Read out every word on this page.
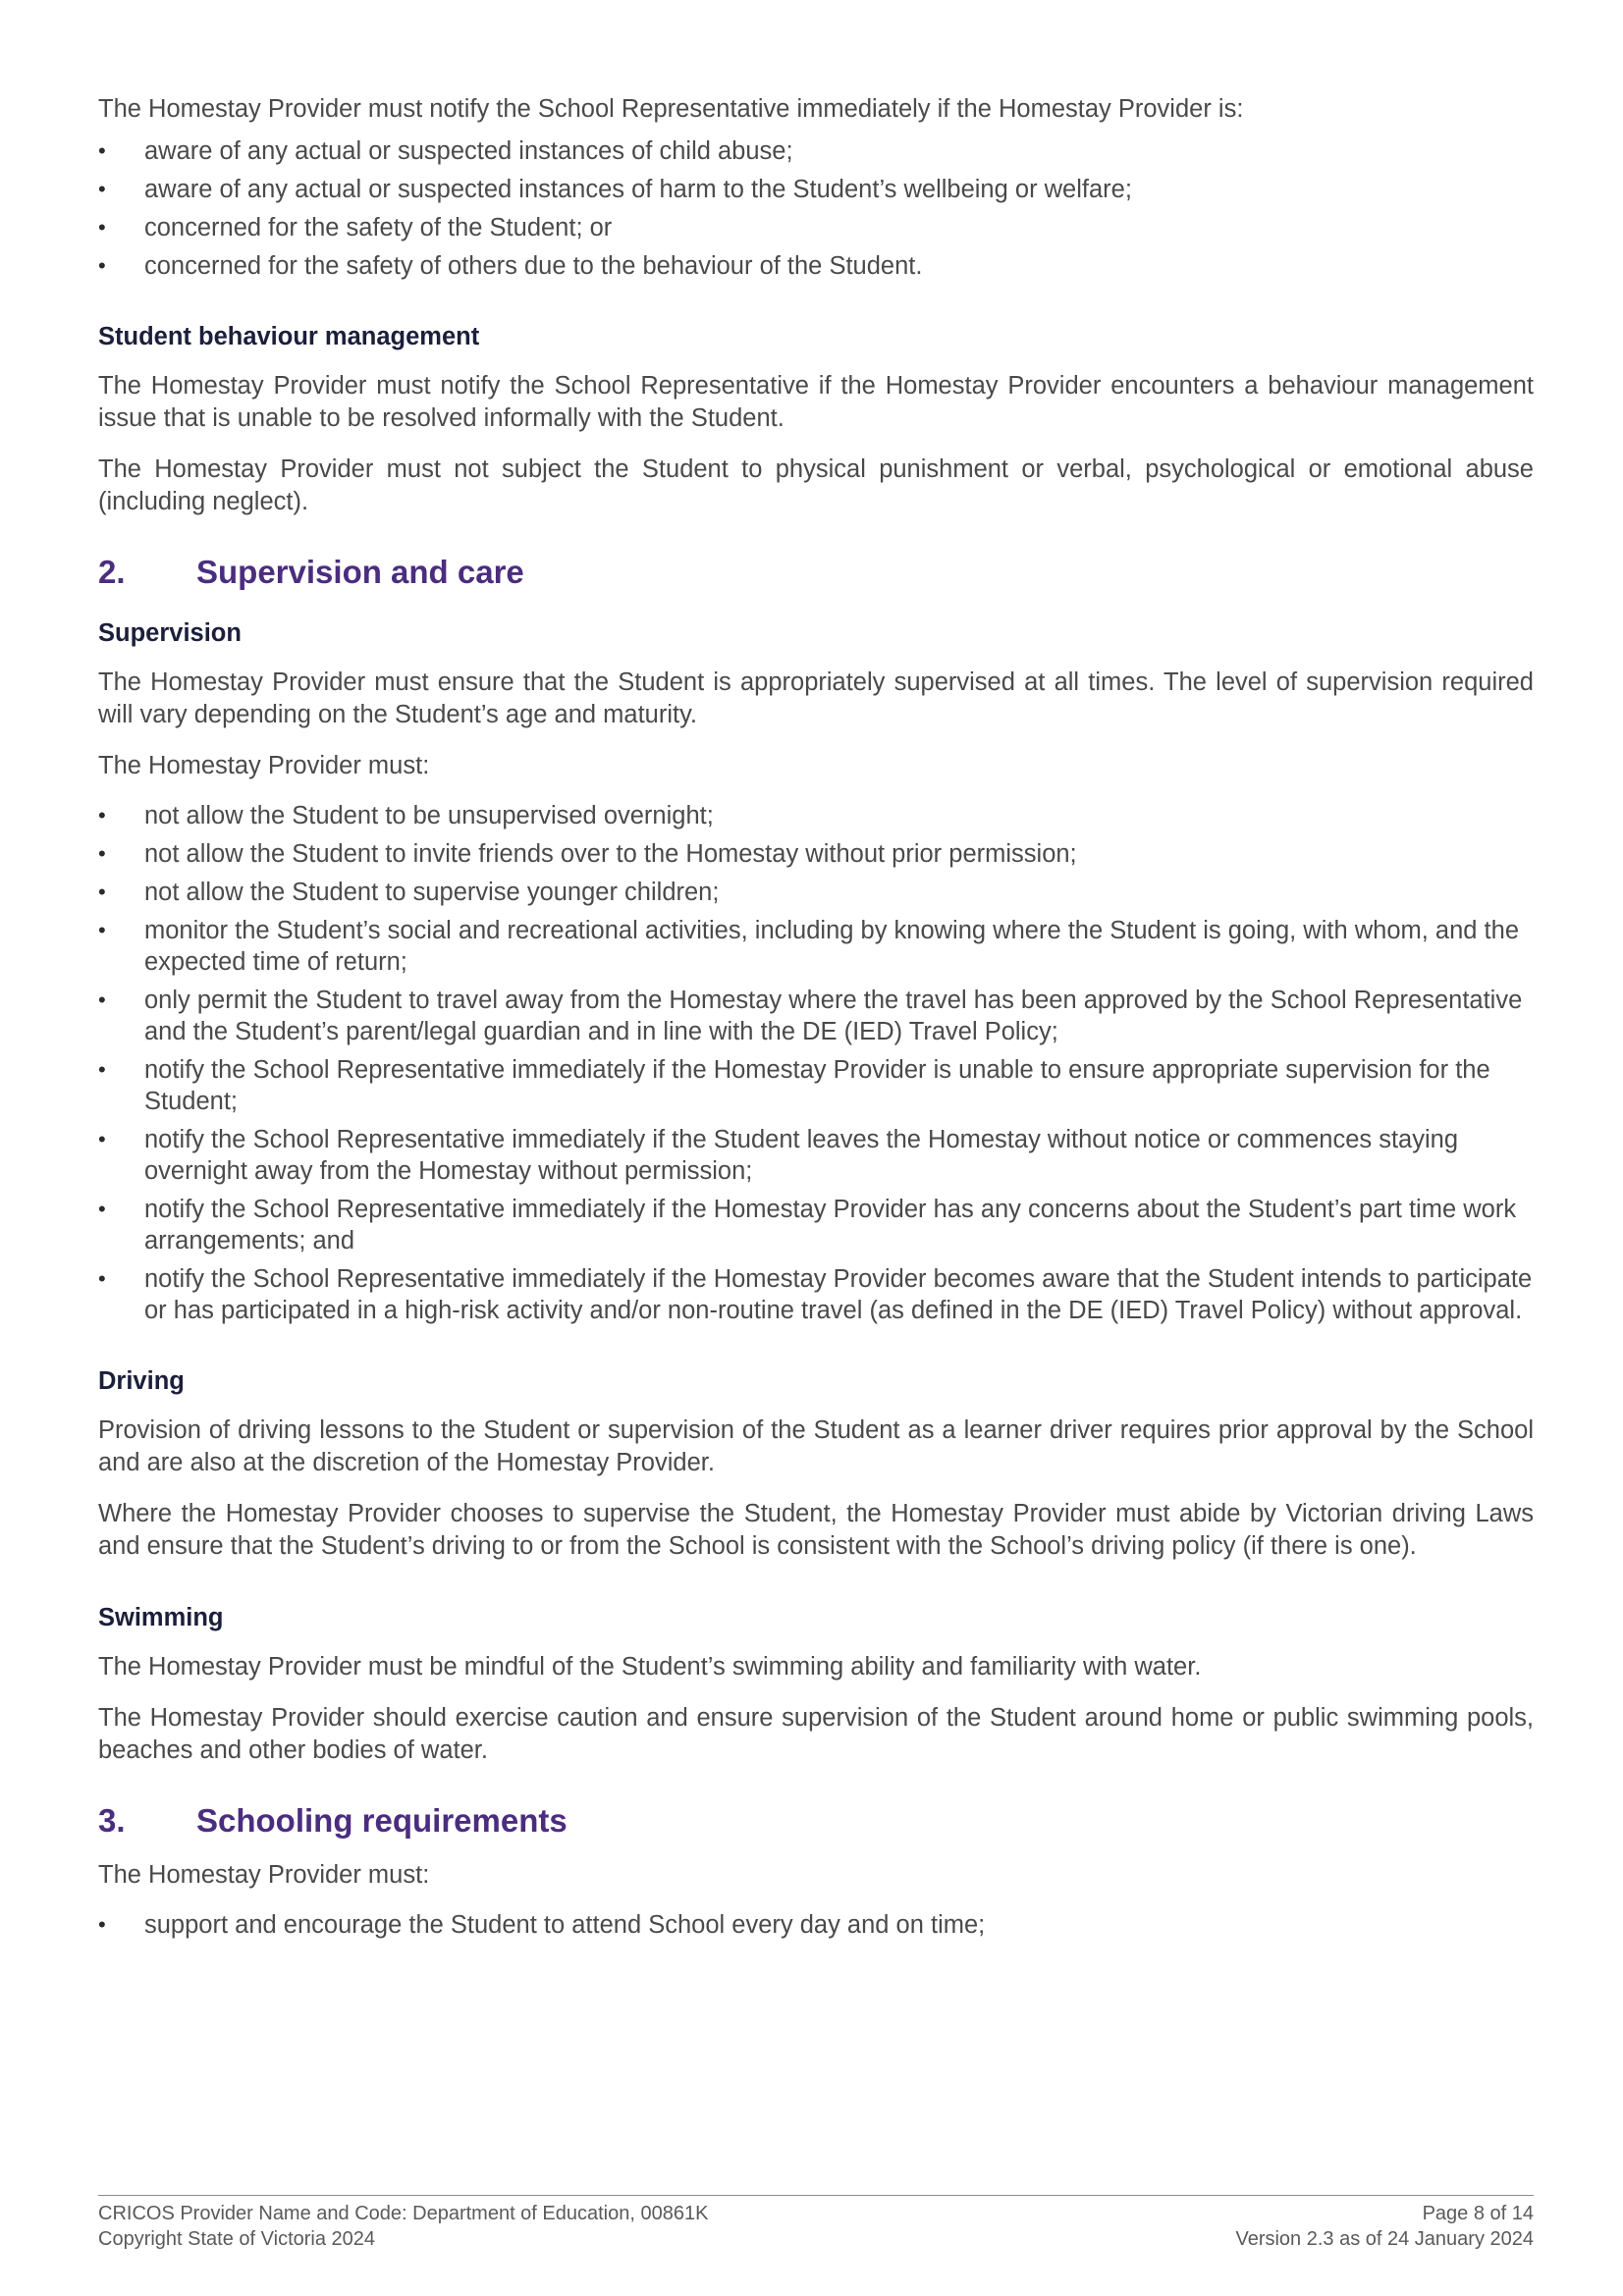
The Homestay Provider must notify the School Representative immediately if the Homestay Provider is:

• aware of any actual or suspected instances of child abuse;
• aware of any actual or suspected instances of harm to the Student’s wellbeing or welfare;
• concerned for the safety of the Student; or
• concerned for the safety of others due to the behaviour of the Student.
Student behaviour management

The Homestay Provider must notify the School Representative if the Homestay Provider encounters a behaviour management issue that is unable to be resolved informally with the Student.

The Homestay Provider must not subject the Student to physical punishment or verbal, psychological or emotional abuse (including neglect).

2.	Supervision and care
Supervision

The Homestay Provider must ensure that the Student is appropriately supervised at all times. The level of supervision required will vary depending on the Student’s age and maturity.

The Homestay Provider must:

• not allow the Student to be unsupervised overnight;
• not allow the Student to invite friends over to the Homestay without prior permission;
• not allow the Student to supervise younger children;
• monitor the Student’s social and recreational activities, including by knowing where the Student is going, with whom, and the expected time of return;
• only permit the Student to travel away from the Homestay where the travel has been approved by the School Representative and the Student’s parent/legal guardian and in line with the DE (IED) Travel Policy;
• notify the School Representative immediately if the Homestay Provider is unable to ensure appropriate supervision for the Student;
• notify the School Representative immediately if the Student leaves the Homestay without notice or commences staying overnight away from the Homestay without permission;
• notify the School Representative immediately if the Homestay Provider has any concerns about the Student’s part time work arrangements; and
• notify the School Representative immediately if the Homestay Provider becomes aware that the Student intends to participate or has participated in a high-risk activity and/or non-routine travel (as defined in the DE (IED) Travel Policy) without approval.
Driving

Provision of driving lessons to the Student or supervision of the Student as a learner driver requires prior approval by the School and are also at the discretion of the Homestay Provider.

Where the Homestay Provider chooses to supervise the Student, the Homestay Provider must abide by Victorian driving Laws and ensure that the Student’s driving to or from the School is consistent with the School’s driving policy (if there is one).

Swimming

The Homestay Provider must be mindful of the Student’s swimming ability and familiarity with water.

The Homestay Provider should exercise caution and ensure supervision of the Student around home or public swimming pools, beaches and other bodies of water.

3.	Schooling requirements

The Homestay Provider must:

• support and encourage the Student to attend School every day and on time;
CRICOS Provider Name and Code: Department of Education, 00861K
Copyright State of Victoria 2024
Page 8 of 14
Version 2.3 as of 24 January 2024
